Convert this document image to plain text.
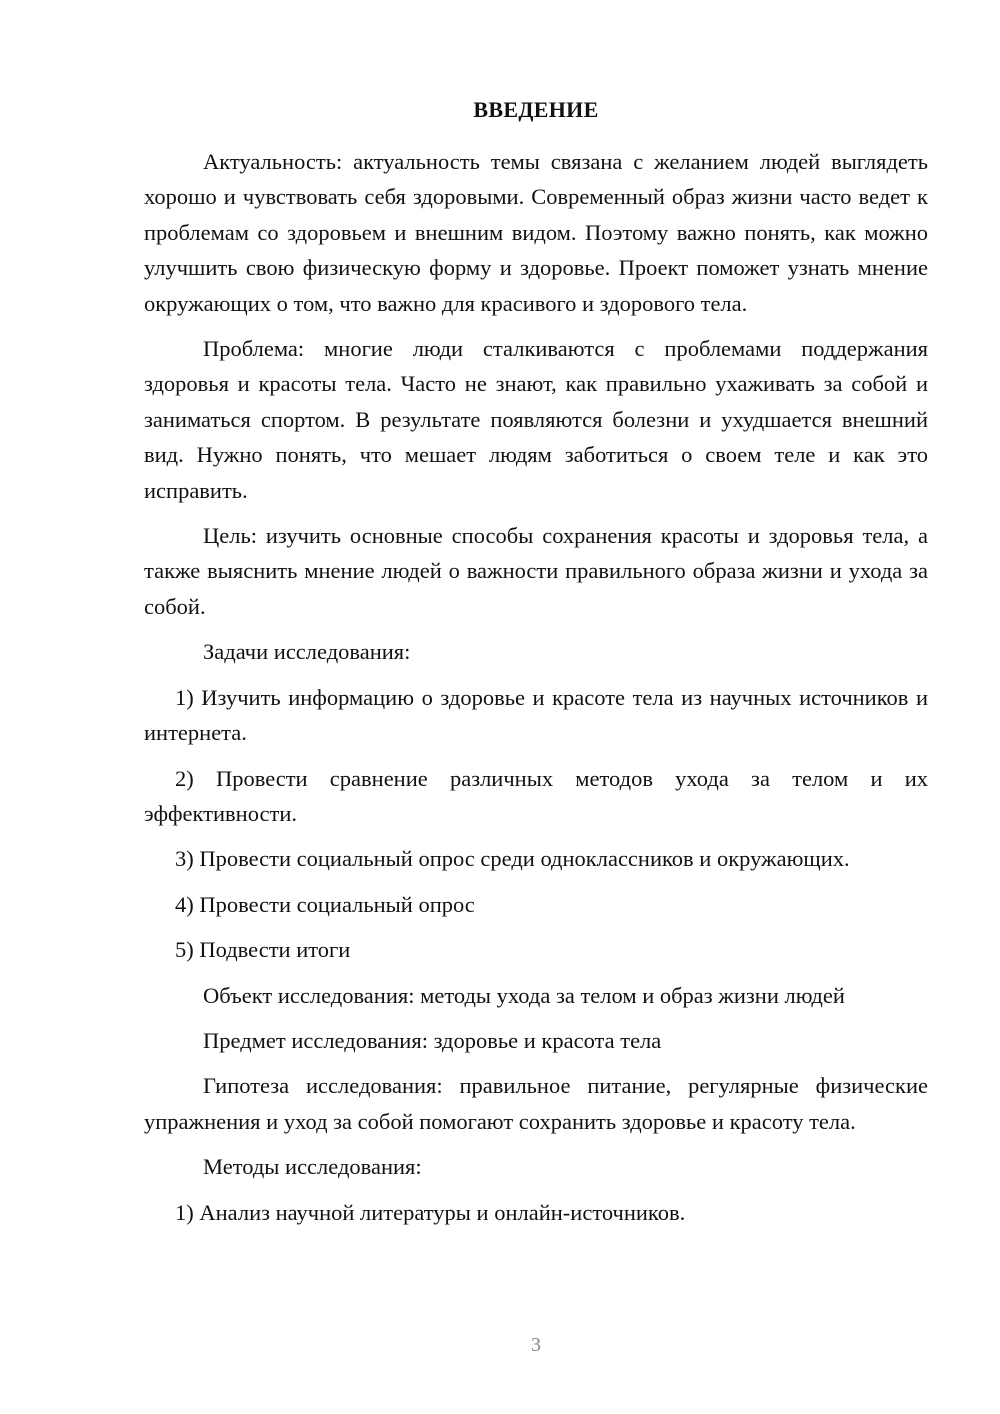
ВВЕДЕНИЕ

Актуальность: актуальность темы связана с желанием людей выглядеть хорошо и чувствовать себя здоровыми. Современный образ жизни часто ведет к проблемам со здоровьем и внешним видом. Поэтому важно понять, как можно улучшить свою физическую форму и здоровье. Проект поможет узнать мнение окружающих о том, что важно для красивого и здорового тела.

Проблема: многие люди сталкиваются с проблемами поддержания здоровья и красоты тела. Часто не знают, как правильно ухаживать за собой и заниматься спортом. В результате появляются болезни и ухудшается внешний вид. Нужно понять, что мешает людям заботиться о своем теле и как это исправить.

Цель: изучить основные способы сохранения красоты и здоровья тела, а также выяснить мнение людей о важности правильного образа жизни и ухода за собой.

Задачи исследования:

1) Изучить информацию о здоровье и красоте тела из научных источников и интернета.

2) Провести сравнение различных методов ухода за телом и их эффективности.

3) Провести социальный опрос среди одноклассников и окружающих.

4) Провести социальный опрос

5) Подвести итоги

Объект исследования: методы ухода за телом и образ жизни людей

Предмет исследования: здоровье и красота тела

Гипотеза исследования: правильное питание, регулярные физические упражнения и уход за собой помогают сохранить здоровье и красоту тела.

Методы исследования:

1) Анализ научной литературы и онлайн-источников.

3
